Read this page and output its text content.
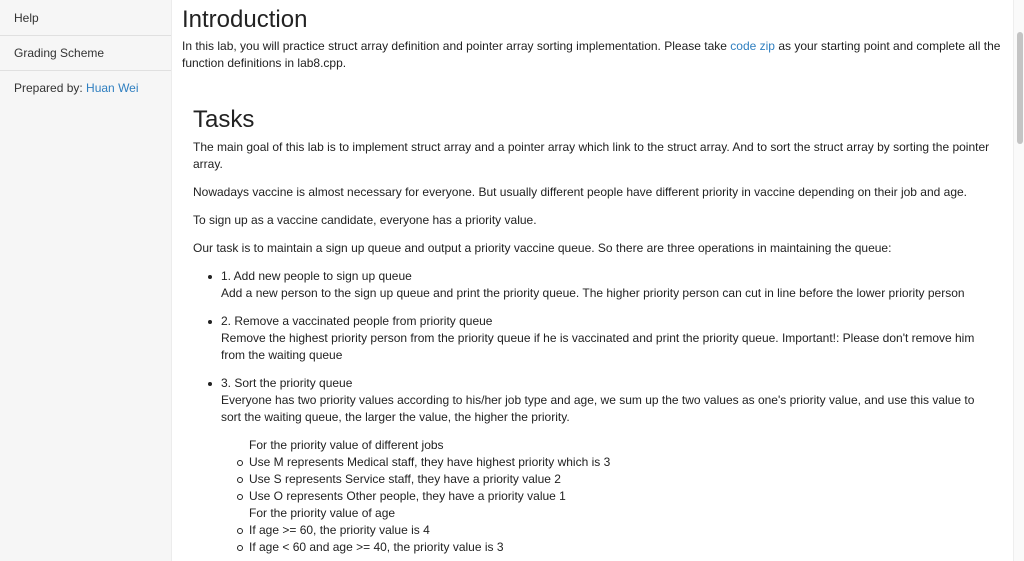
Help
Grading Scheme
Prepared by: Huan Wei
Introduction
In this lab, you will practice struct array definition and pointer array sorting implementation. Please take code zip as your starting point and complete all the function definitions in lab8.cpp.
Tasks
The main goal of this lab is to implement struct array and a pointer array which link to the struct array. And to sort the struct array by sorting the pointer array.
Nowadays vaccine is almost necessary for everyone. But usually different people have different priority in vaccine depending on their job and age.
To sign up as a vaccine candidate, everyone has a priority value.
Our task is to maintain a sign up queue and output a priority vaccine queue. So there are three operations in maintaining the queue:
1. Add new people to sign up queue
Add a new person to the sign up queue and print the priority queue. The higher priority person can cut in line before the lower priority person
2. Remove a vaccinated people from priority queue
Remove the highest priority person from the priority queue if he is vaccinated and print the priority queue. Important!: Please don't remove him from the waiting queue
3. Sort the priority queue
Everyone has two priority values according to his/her job type and age, we sum up the two values as one's priority value, and use this value to sort the waiting queue, the larger the value, the higher the priority.
For the priority value of different jobs
Use M represents Medical staff, they have highest priority which is 3
Use S represents Service staff, they have a priority value 2
Use O represents Other people, they have a priority value 1
For the priority value of age
If age >= 60, the priority value is 4
If age < 60 and age >= 40, the priority value is 3
